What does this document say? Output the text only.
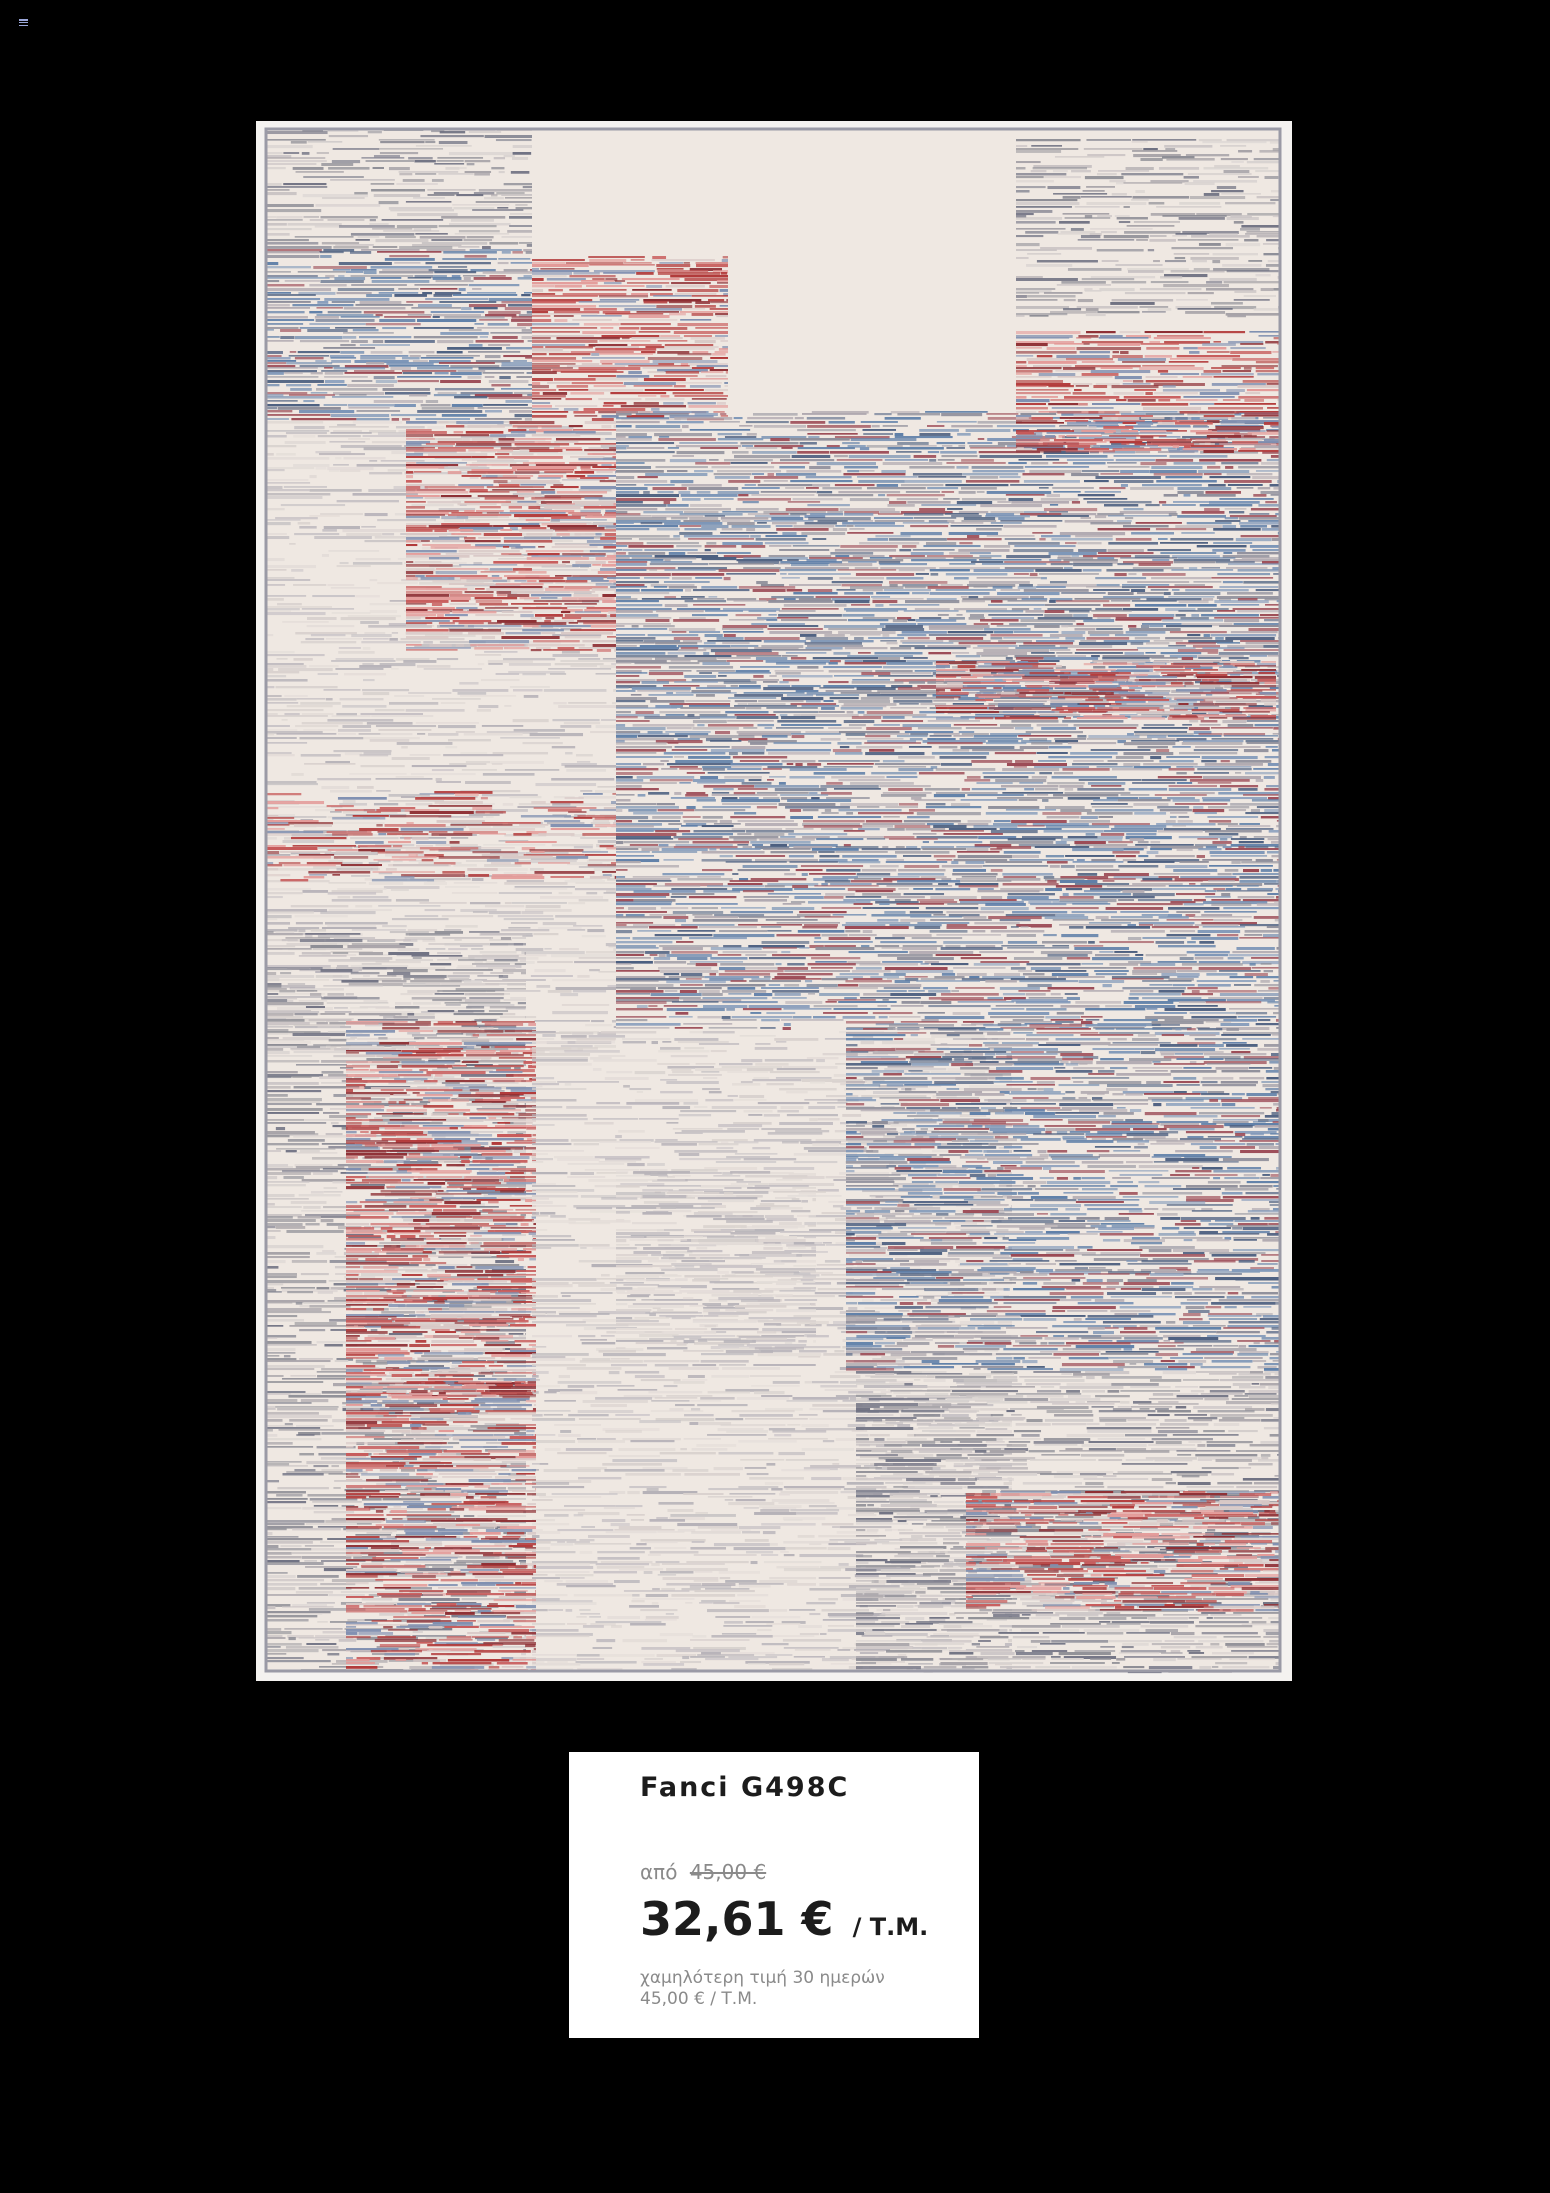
Fanci G498C
από 45,00 €
32,61 € / Τ.Μ.
χαμηλότερη τιμή 30 ημερών
45,00 € / Τ.Μ.
